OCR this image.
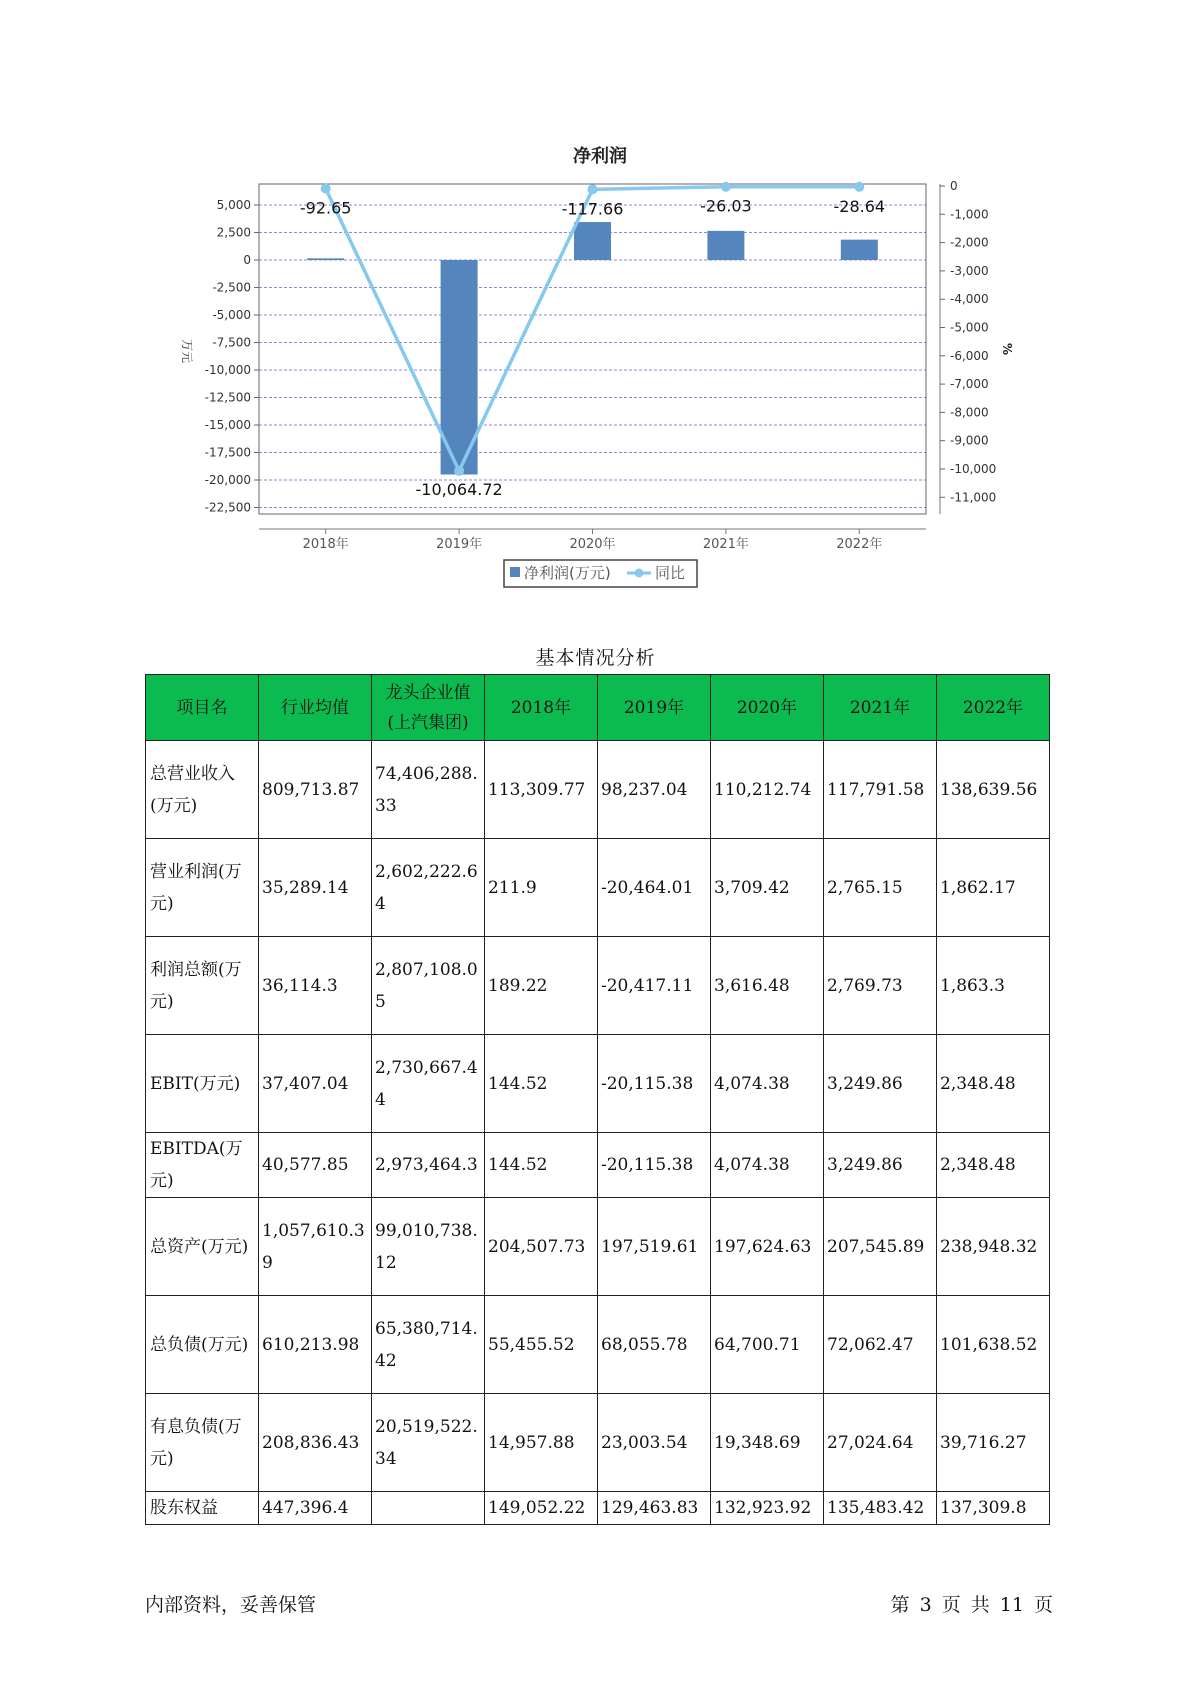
净利润
5,000
2,500
0
-2,500
-5,000
-7,500
-10,000
-12,500
-15,000
-17,500
-20,000
-22,500
0
-1,000
-2,000
-3,000
-4,000
-5,000
-6,000
-7,000
-8,000
-9,000
-10,000
-11,000
-92.65
-10,064.72
-117.66	-26.03	-28.64
2018年	2019年	2020年	2021年	2022年
万元	%
净利润(万元)	同比
基本情况分析
项目名	行业均值	龙头企业值(上汽集团)	2018年	2019年	2020年	2021年	2022年
总营业收入(万元)	809,713.87	74,406,288.33	113,309.77	98,237.04	110,212.74	117,791.58	138,639.56
营业利润(万元)	35,289.14	2,602,222.64	211.9	-20,464.01	3,709.42	2,765.15	1,862.17
利润总额(万元)	36,114.3	2,807,108.05	189.22	-20,417.11	3,616.48	2,769.73	1,863.3
EBIT(万元)	37,407.04	2,730,667.44	144.52	-20,115.38	4,074.38	3,249.86	2,348.48
EBITDA(万元)	40,577.85	2,973,464.3	144.52	-20,115.38	4,074.38	3,249.86	2,348.48
总资产(万元)	1,057,610.39	99,010,738.12	204,507.73	197,519.61	197,624.63	207,545.89	238,948.32
总负债(万元)	610,213.98	65,380,714.42	55,455.52	68,055.78	64,700.71	72,062.47	101,638.52
有息负债(万元)	208,836.43	20,519,522.34	14,957.88	23,003.54	19,348.69	27,024.64	39,716.27
股东权益	447,396.4		149,052.22	129,463.83	132,923.92	135,483.42	137,309.8
内部资料，妥善保管	第 3 页 共 11 页
